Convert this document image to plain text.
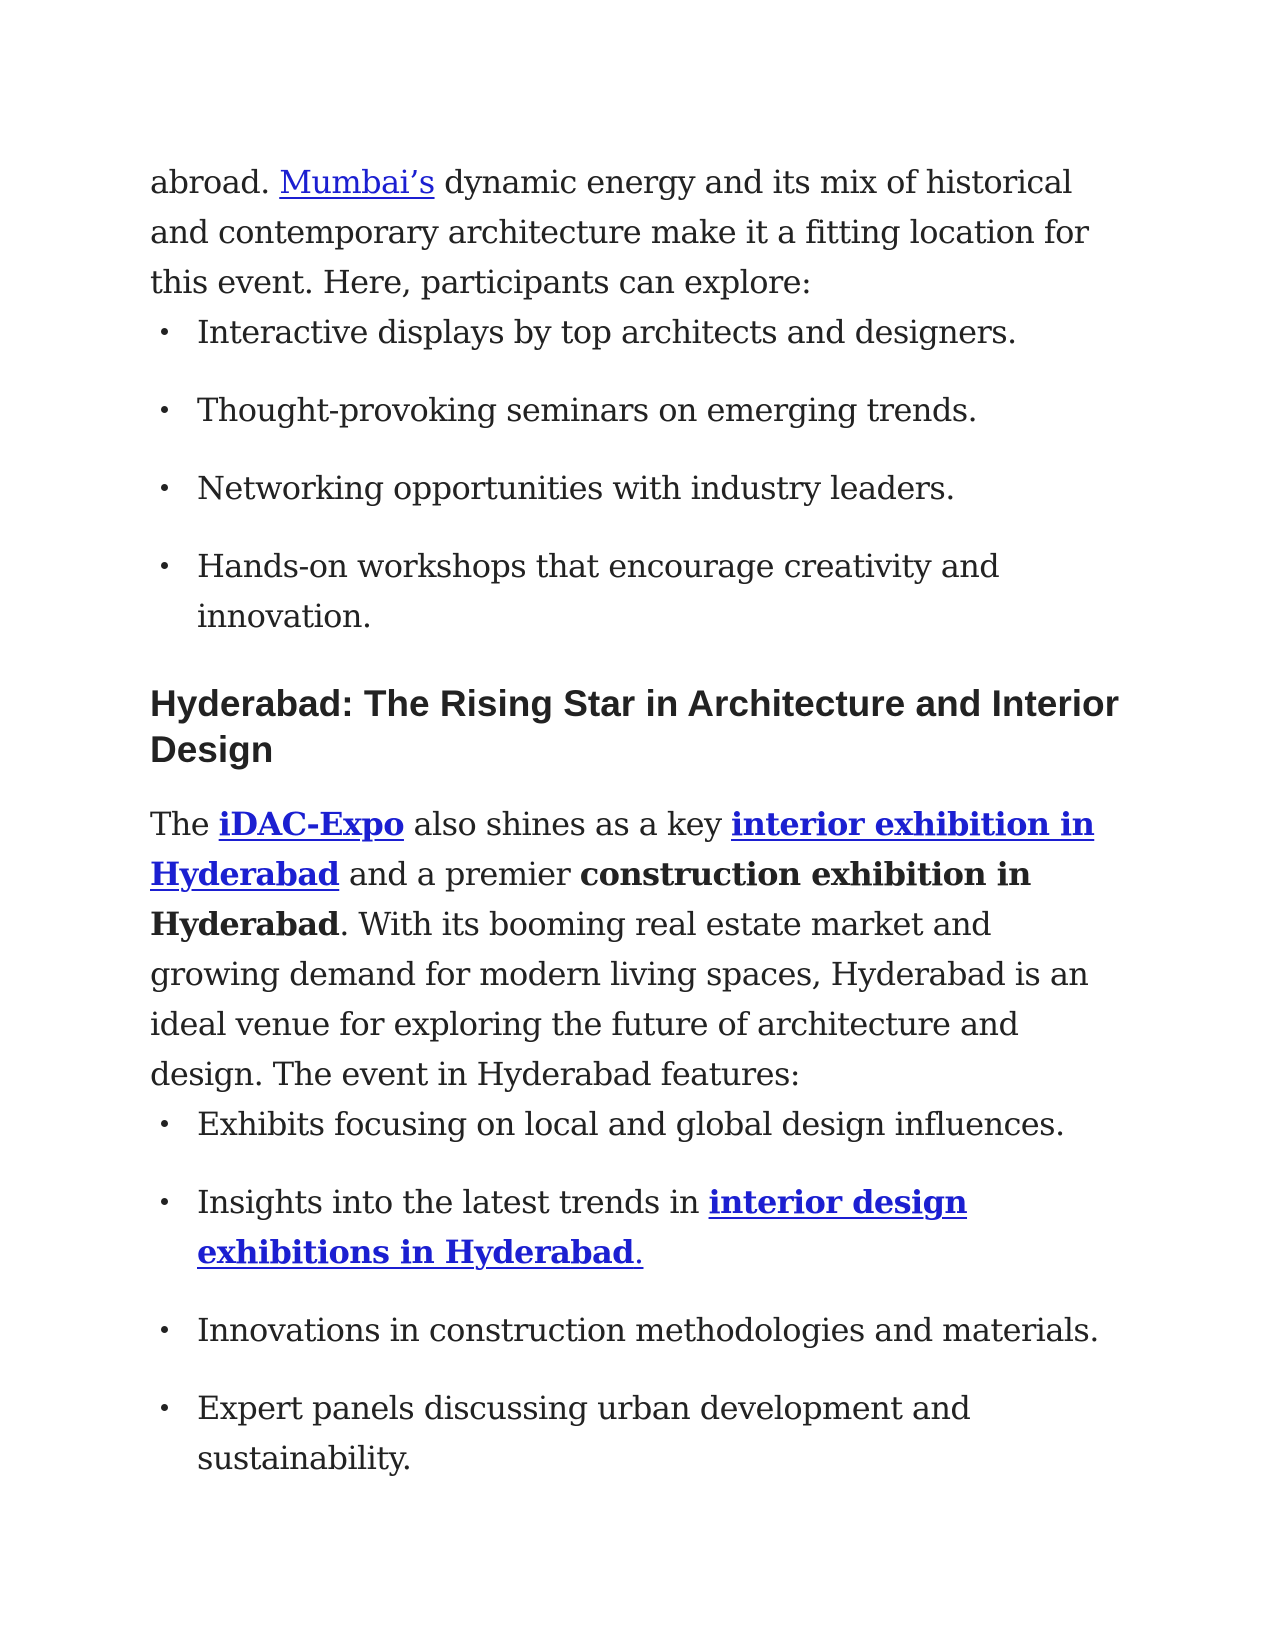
abroad. Mumbai’s dynamic energy and its mix of historical and contemporary architecture make it a fitting location for this event. Here, participants can explore:

Interactive displays by top architects and designers.
Thought-provoking seminars on emerging trends.
Networking opportunities with industry leaders.
Hands-on workshops that encourage creativity and innovation.
Hyderabad: The Rising Star in Architecture and Interior Design

The iDAC-Expo also shines as a key interior exhibition in Hyderabad and a premier construction exhibition in Hyderabad. With its booming real estate market and growing demand for modern living spaces, Hyderabad is an ideal venue for exploring the future of architecture and design. The event in Hyderabad features:

Exhibits focusing on local and global design influences.
Insights into the latest trends in interior design exhibitions in Hyderabad.
Innovations in construction methodologies and materials.
Expert panels discussing urban development and sustainability.
